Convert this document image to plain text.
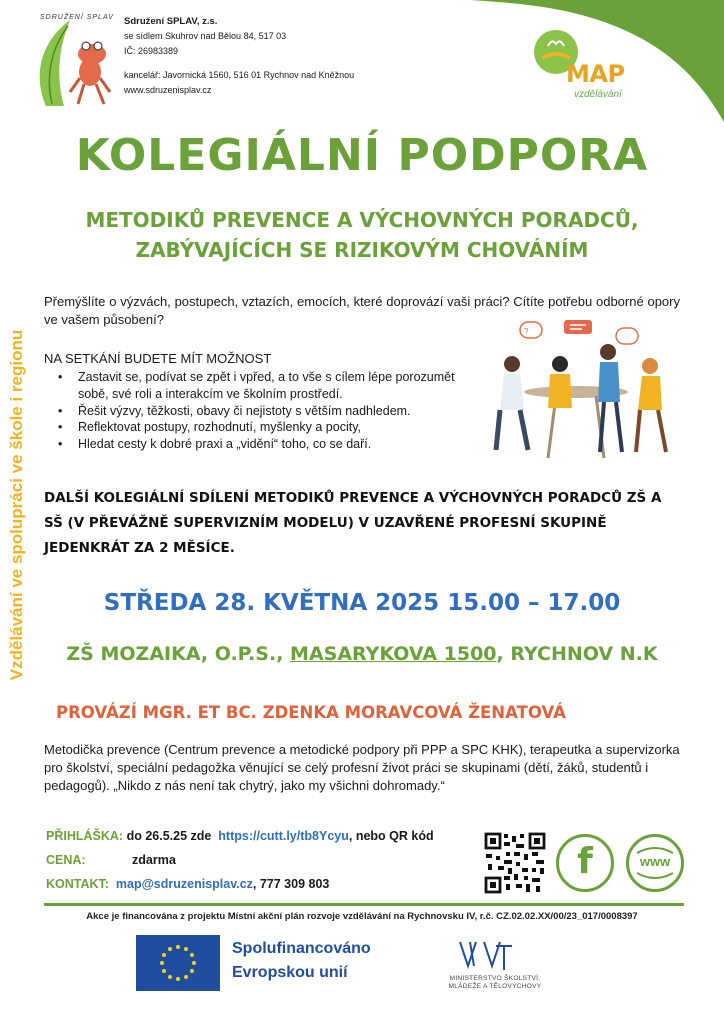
SDRUŽENÍ SPLAV Sdružení SPLAV, z.s.
se sídlem Skuhrov nad Bělou 84, 517 03
IČ: 26983389
kancelář: Javornická 1560, 516 01 Rychnov nad Kněžnou
www.sdruzenisplav.cz
MAP
vzdělávání
Vzdělávání ve spolupráci ve škole i regionu
KOLEGIÁLNÍ PODPORA
METODIKŮ PREVENCE A VÝCHOVNÝCH PORADCŮ,
ZABÝVAJÍCÍCH SE RIZIKOVÝM CHOVÁNÍM

Přemýšlíte o výzvách, postupech, vztazích, emocích, které doprovází vaši práci? Cítíte potřebu odborné opory ve vašem působení?

NA SETKÁNÍ BUDETE MÍT MOŽNOST
• Zastavit se, podívat se zpět i vpřed, a to vše s cílem lépe porozumět sobě, své roli a interakcím ve školním prostředí.
• Řešit výzvy, těžkosti, obavy či nejistoty s větším nadhledem.
• Reflektovat postupy, rozhodnutí, myšlenky a pocity,
• Hledat cesty k dobré praxi a „vidění“ toho, co se daří.
?

DALŠÍ KOLEGIÁLNÍ SDÍLENÍ METODIKŮ PREVENCE A VÝCHOVNÝCH PORADCŮ ZŠ A SŠ (V PŘEVÁŽNĚ SUPERVIZNÍM MODELU) V UZAVŘENÉ PROFESNÍ SKUPINĚ JEDENKRÁT ZA 2 MĚSÍCE.

STŘEDA 28. KVĚTNA 2025 15.00 – 17.00
ZŠ MOZAIKA, O.P.S., MASARYKOVA 1500, RYCHNOV N.K
PROVÁZÍ MGR. ET BC. ZDENKA MORAVCOVÁ ŽENATOVÁ

Metodička prevence (Centrum prevence a metodické podpory při PPP a SPC KHK), terapeutka a supervizorka pro školství, speciální pedagožka věnující se celý profesní život práci se skupinami (dětí, žáků, studentů i pedagogů). „Nikdo z nás není tak chytrý, jako my všichni dohromady.“

PŘIHLÁŠKA: do 26.5.25 zde https://cutt.ly/tb8Ycyu, nebo QR kód
CENA:	zdarma
KONTAKT: map@sdruzenisplav.cz, 777 309 803
f	www
Akce je financována z projektu Místní akční plán rozvoje vzdělávání na Rychnovsku IV, r.č. CZ.02.02.XX/00/23_017/0008397
Spolufinancováno
Evropskou unií	MINISTERSTVO ŠKOLSTVÍ,
MLÁDEŽE A TĚLOVÝCHOVY
